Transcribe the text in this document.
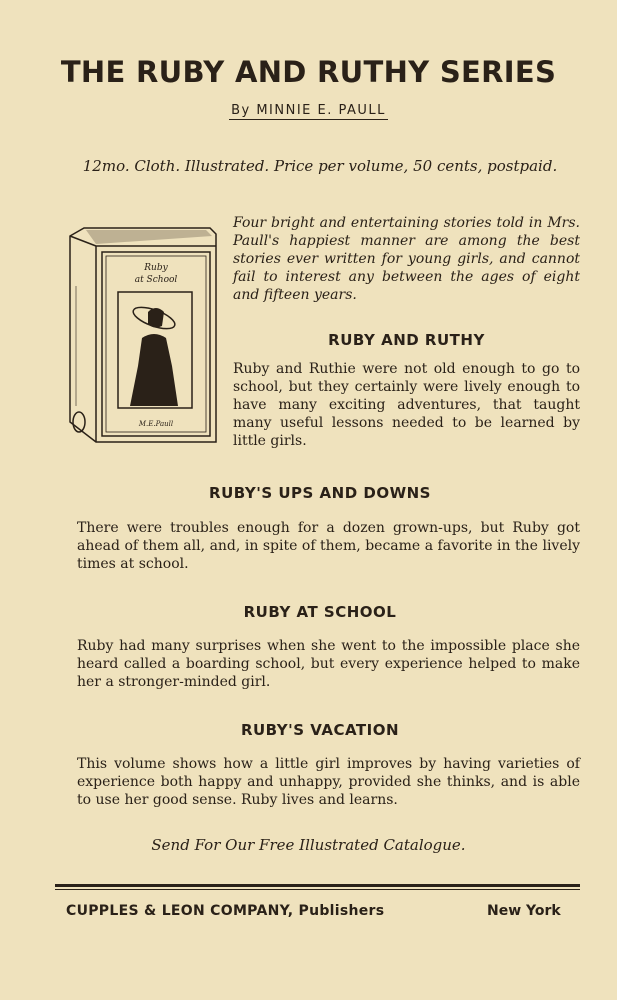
THE RUBY AND RUTHY SERIES
By MINNIE E. PAULL
12mo. Cloth. Illustrated. Price per volume, 50 cents, postpaid.
Ruby
at School
M.E.Paull
Four bright and entertaining stories told in Mrs. Paull's happiest manner are among the best stories ever written for young girls, and cannot fail to interest any between the ages of eight and fifteen years.
RUBY AND RUTHY
Ruby and Ruthie were not old enough to go to school, but they certainly were lively enough to have many exciting adventures, that taught many useful lessons needed to be learned by little girls.
RUBY'S UPS AND DOWNS
There were troubles enough for a dozen grown-ups, but Ruby got ahead of them all, and, in spite of them, became a favorite in the lively times at school.
RUBY AT SCHOOL
Ruby had many surprises when she went to the impossible place she heard called a boarding school, but every experience helped to make her a stronger-minded girl.
RUBY'S VACATION
This volume shows how a little girl improves by having varieties of experience both happy and unhappy, provided she thinks, and is able to use her good sense. Ruby lives and learns.
Send For Our Free Illustrated Catalogue.
CUPPLES & LEON COMPANY, Publishers	New York
